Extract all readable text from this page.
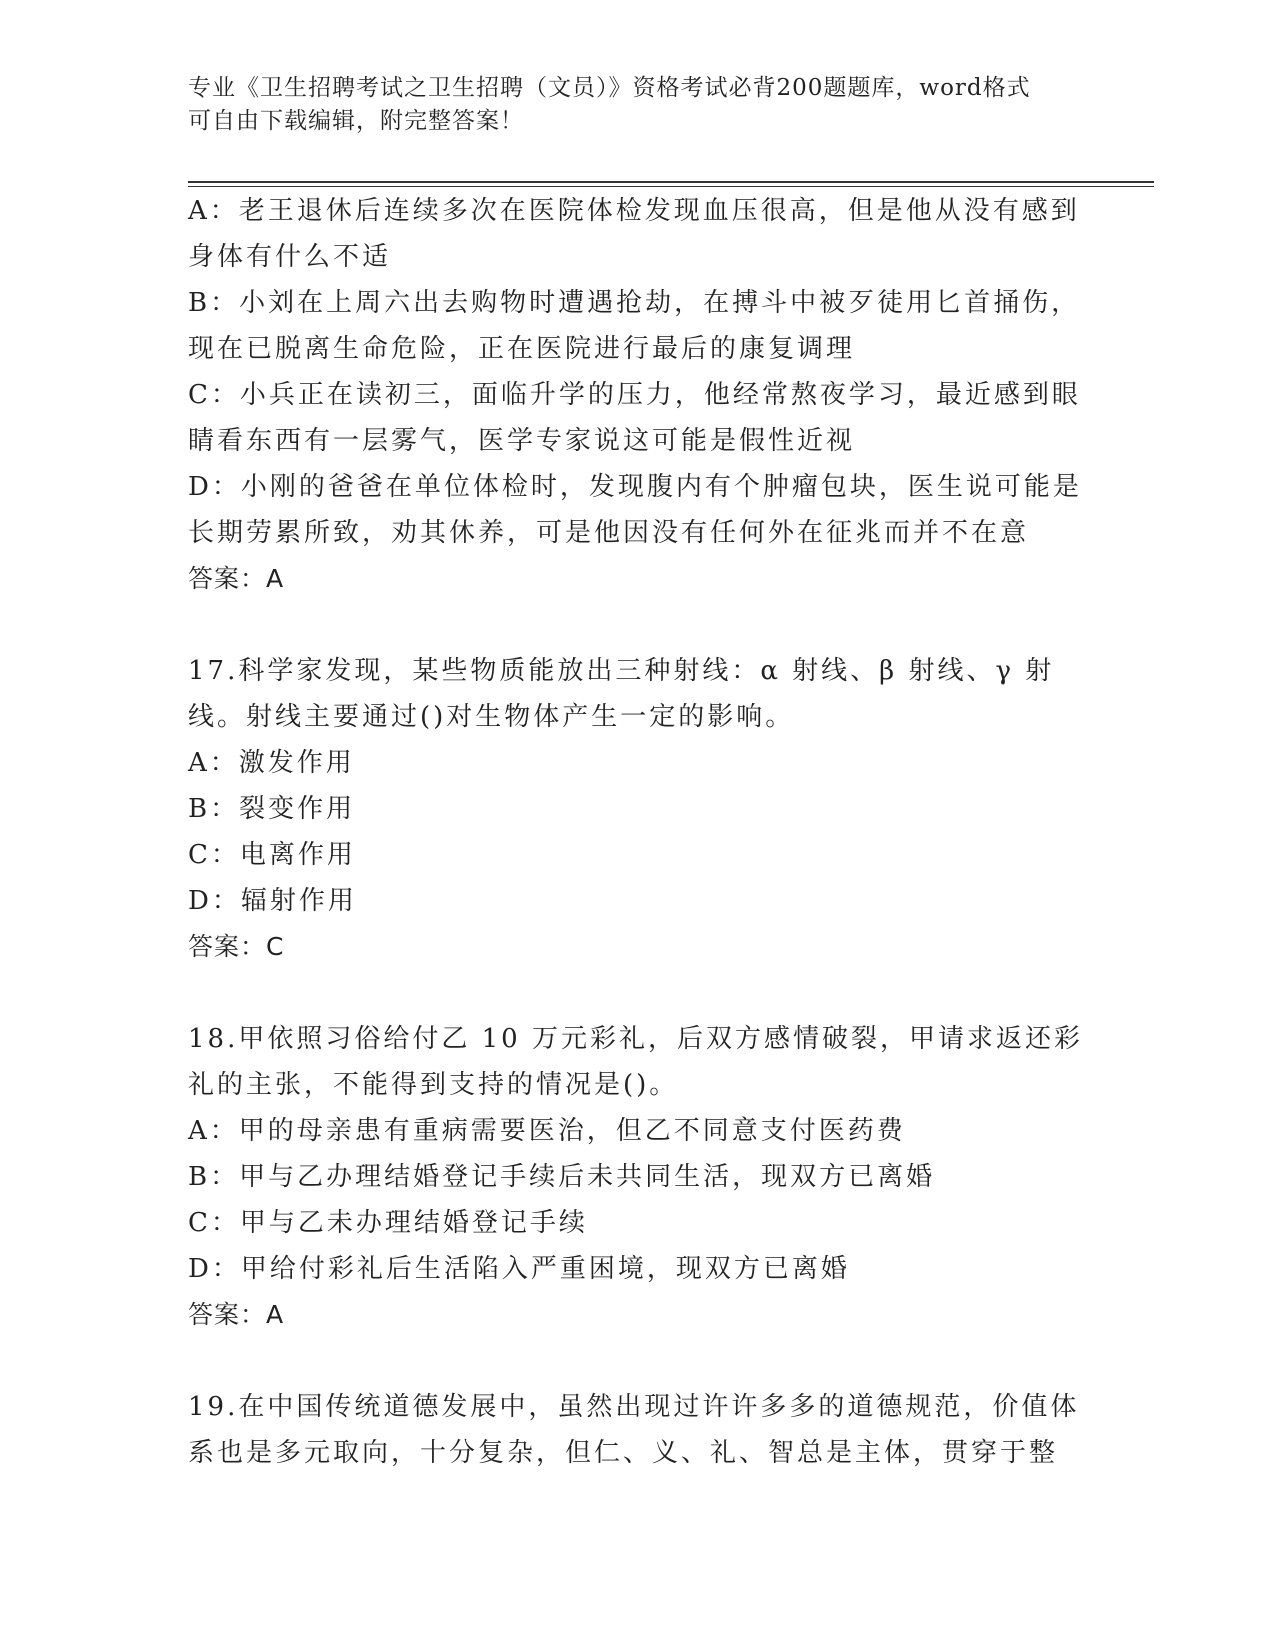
专业《卫生招聘考试之卫生招聘（文员）》资格考试必背200题题库，word格式
可自由下载编辑，附完整答案！
A：老王退休后连续多次在医院体检发现血压很高，但是他从没有感到
身体有什么不适
B：小刘在上周六出去购物时遭遇抢劫，在搏斗中被歹徒用匕首捅伤，
现在已脱离生命危险，正在医院进行最后的康复调理
C：小兵正在读初三，面临升学的压力，他经常熬夜学习，最近感到眼
睛看东西有一层雾气，医学专家说这可能是假性近视
D：小刚的爸爸在单位体检时，发现腹内有个肿瘤包块，医生说可能是
长期劳累所致，劝其休养，可是他因没有任何外在征兆而并不在意
答案：A
17.科学家发现，某些物质能放出三种射线：α 射线、β 射线、γ 射
线。射线主要通过()对生物体产生一定的影响。
A：激发作用
B：裂变作用
C：电离作用
D：辐射作用
答案：C
18.甲依照习俗给付乙 10 万元彩礼，后双方感情破裂，甲请求返还彩
礼的主张，不能得到支持的情况是()。
A：甲的母亲患有重病需要医治，但乙不同意支付医药费
B：甲与乙办理结婚登记手续后未共同生活，现双方已离婚
C：甲与乙未办理结婚登记手续
D：甲给付彩礼后生活陷入严重困境，现双方已离婚
答案：A
19.在中国传统道德发展中，虽然出现过许许多多的道德规范，价值体
系也是多元取向，十分复杂，但仁、义、礼、智总是主体，贯穿于整
